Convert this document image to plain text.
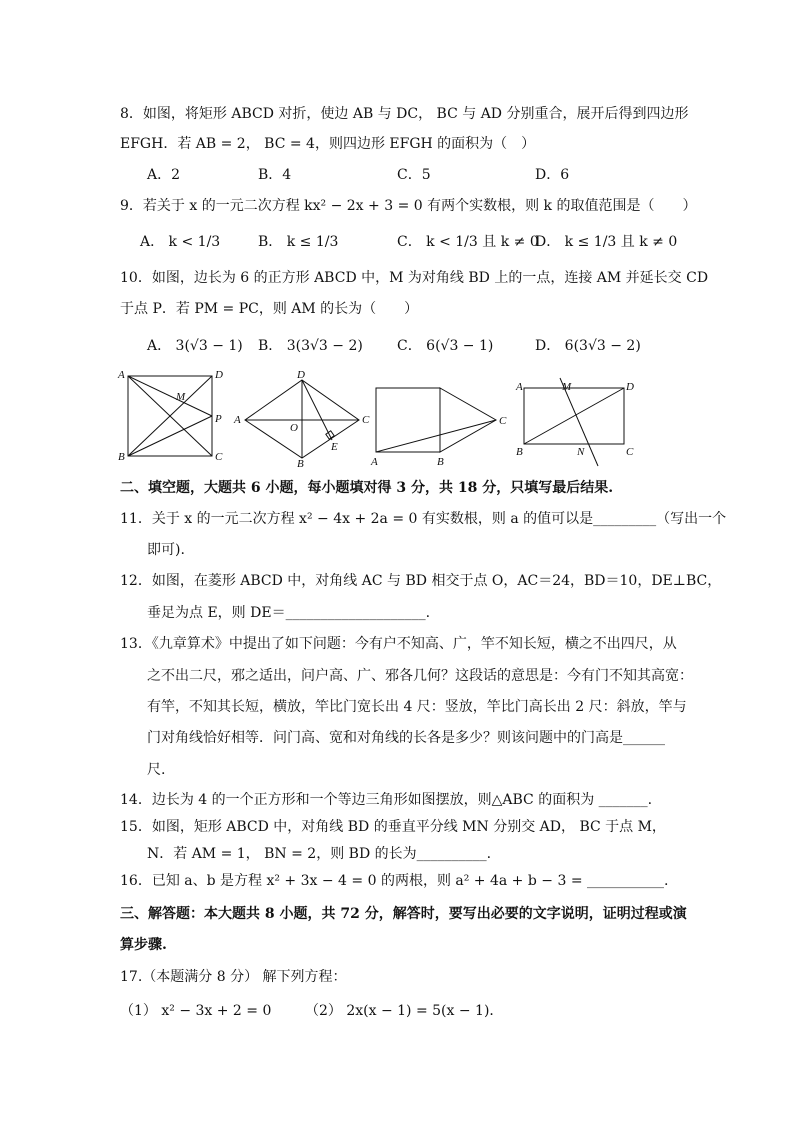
8．如图，将矩形 ABCD 对折，使边 AB 与 DC， BC 与 AD 分别重合，展开后得到四边形
EFGH．若 AB = 2， BC = 4，则四边形 EFGH 的面积为（　）
A．2	B．4	C．5	D．6
9．若关于 x 的一元二次方程 kx² − 2x + 3 = 0 有两个实数根，则 k 的取值范围是（　　）
A． k < 1/3	B． k ≤ 1/3	C． k < 1/3 且 k ≠ 0
D． k ≤ 1/3 且 k ≠ 0
10．如图，边长为 6 的正方形 ABCD 中，M 为对角线 BD 上的一点，连接 AM 并延长交 CD
于点 P．若 PM = PC，则 AM 的长为（　　）
A． 3(√3 − 1) B． 3(3√3 − 2) C． 6(√3 − 1)	D． 6(3√3 − 2)
A	D
M
P
B	C
D
A
O
C
E
B
C
A	B
A	M	D
B	N	C
二、填空题，大题共 6 小题，每小题填对得 3 分，共 18 分，只填写最后结果.
11．关于 x 的一元二次方程 x² − 4x + 2a = 0 有实数根，则 a 的值可以是_________（写出一个
即可).
12．如图，在菱形 ABCD 中，对角线 AC 与 BD 相交于点 O，AC＝24，BD＝10，DE⊥BC，
垂足为点 E，则 DE＝____________________.
13．《九章算术》中提出了如下问题：今有户不知高、广，竿不知长短，横之不出四尺，从
之不出二尺，邪之适出，问户高、广、邪各几何？这段话的意思是：今有门不知其高宽：
有竿，不知其长短，横放，竿比门宽长出 4 尺：竖放，竿比门高长出 2 尺：斜放，竿与
门对角线恰好相等．问门高、宽和对角线的长各是多少？则该问题中的门高是______
尺.
14．边长为 4 的一个正方形和一个等边三角形如图摆放，则△ABC 的面积为 _______.
15．如图，矩形 ABCD 中，对角线 BD 的垂直平分线 MN 分别交 AD， BC 于点 M，
N．若 AM = 1， BN = 2，则 BD 的长为__________.
16．已知 a、b 是方程 x² + 3x − 4 = 0 的两根，则 a² + 4a + b − 3 = ___________.
三、解答题：本大题共 8 小题，共 72 分，解答时，要写出必要的文字说明，证明过程或演
算步骤.
17.（本题满分 8 分） 解下列方程：
（1） x² − 3x + 2 = 0 （2） 2x(x − 1) = 5(x − 1)．
